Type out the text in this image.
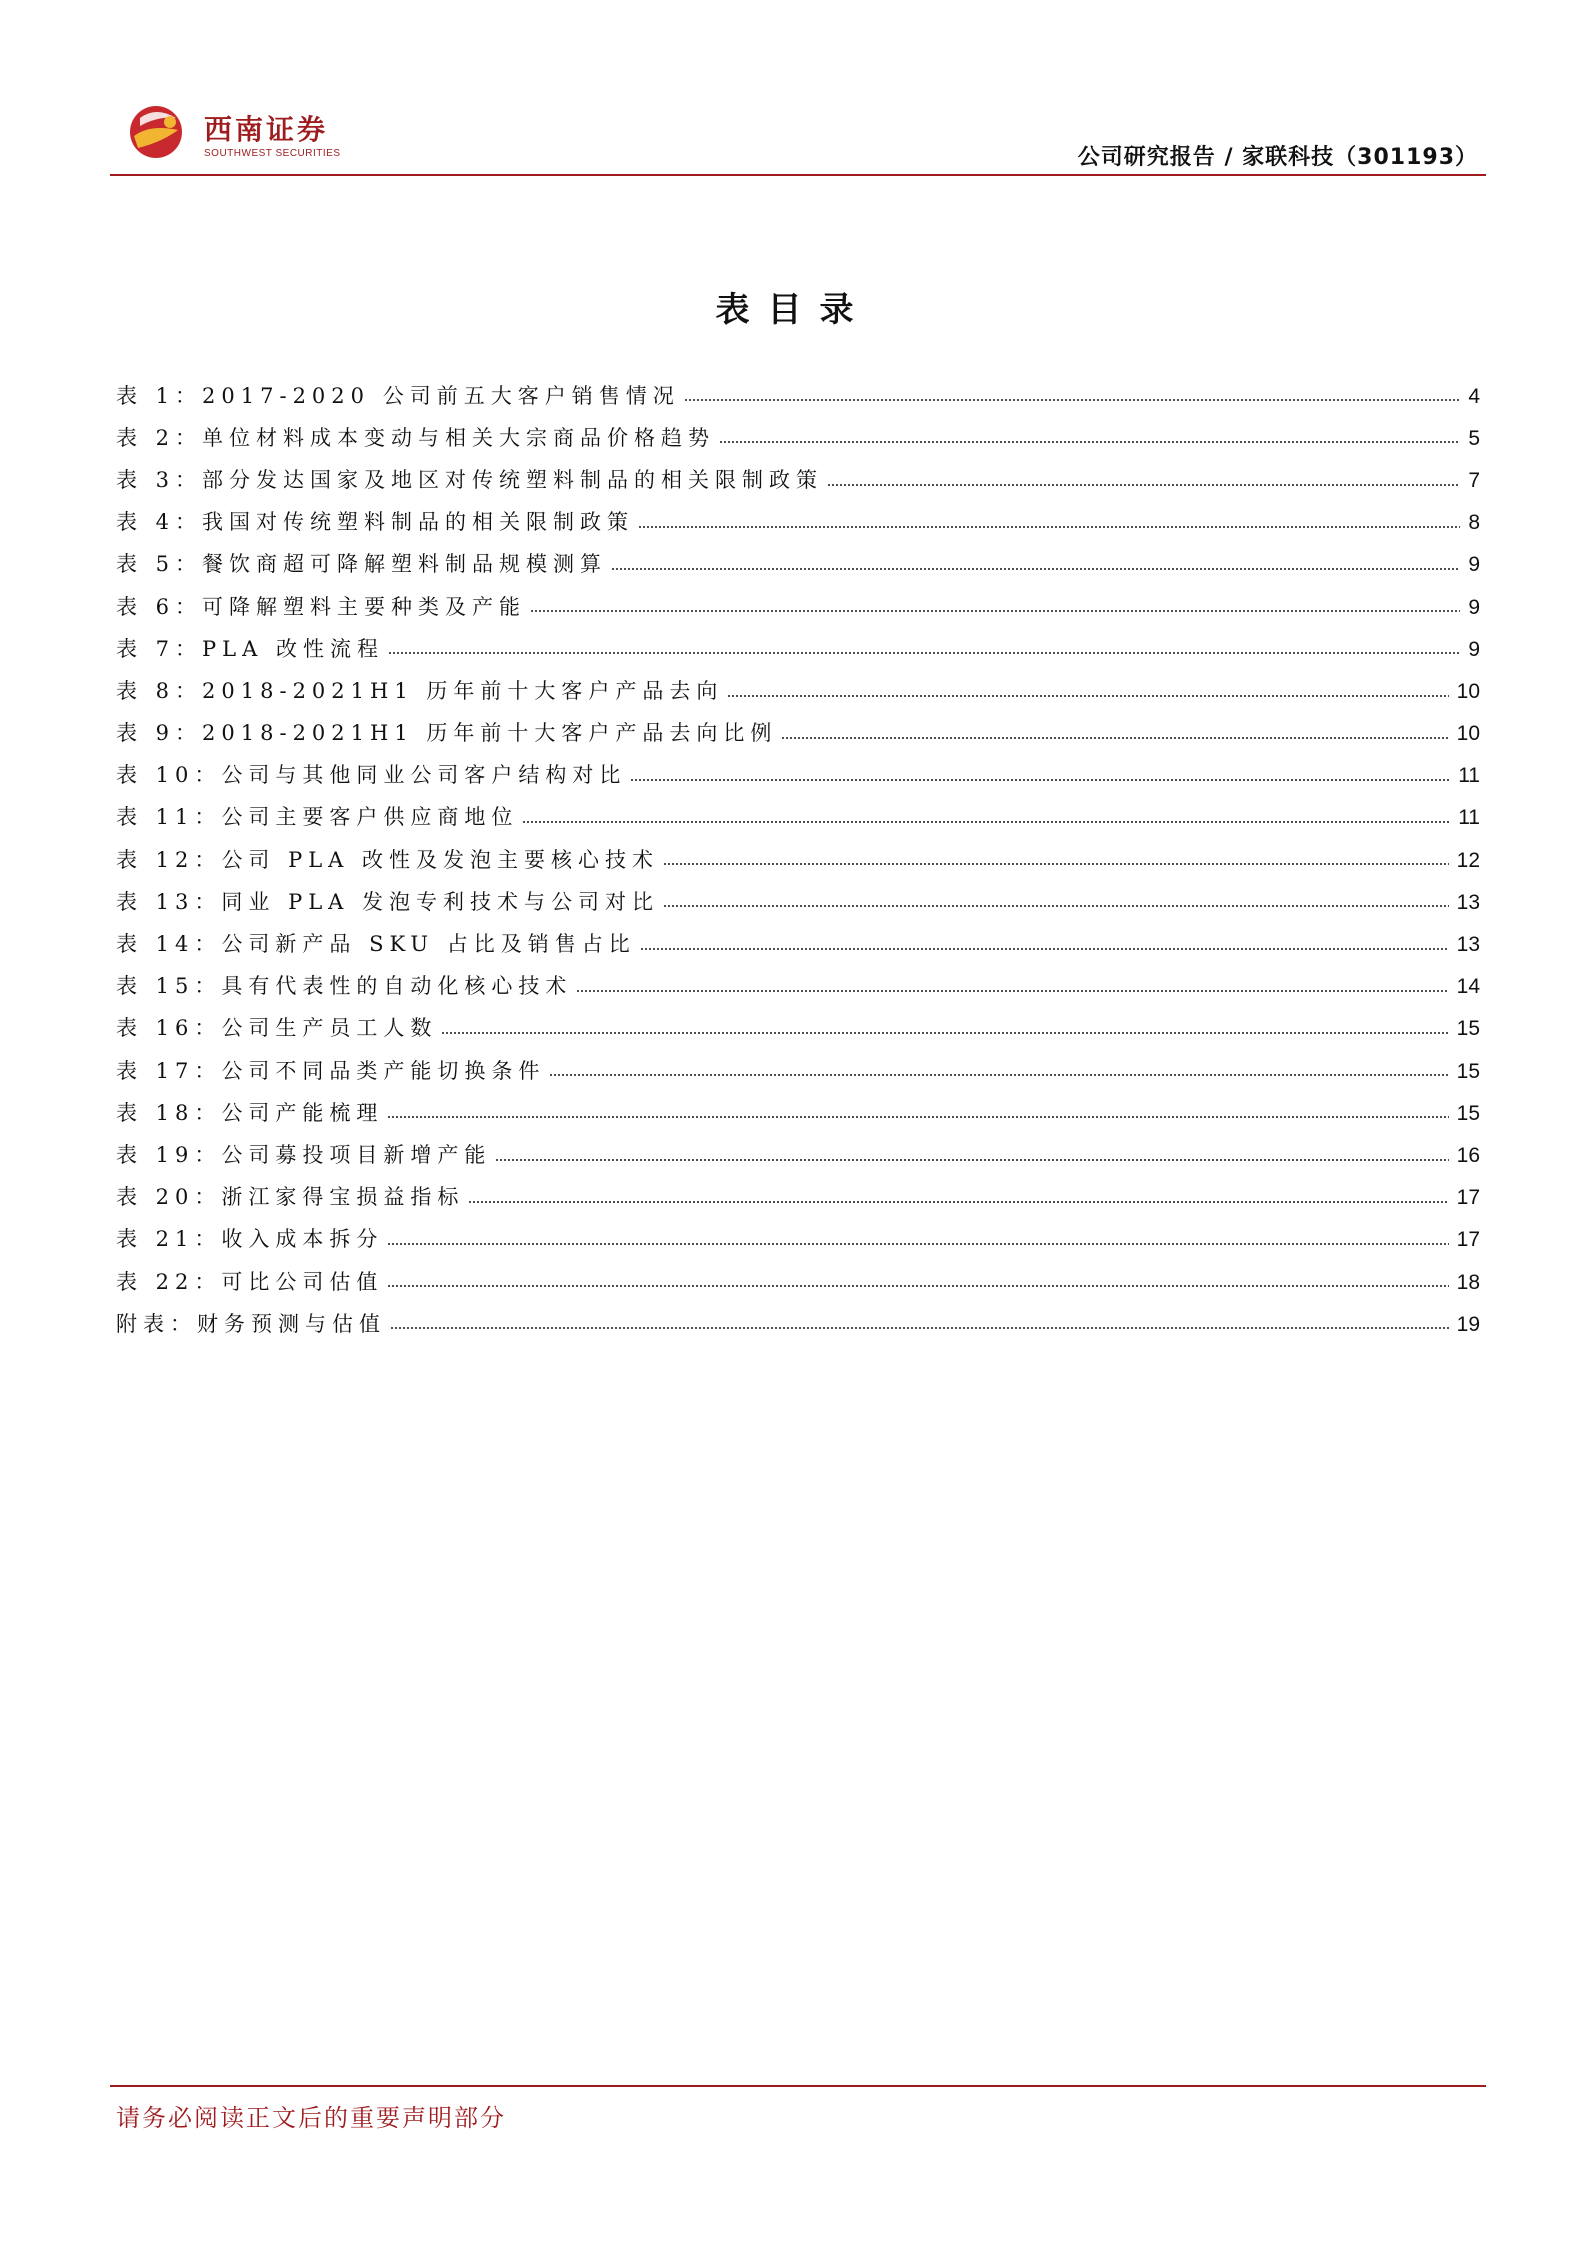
西南证券
SOUTHWEST SECURITIES	公司研究报告 / 家联科技（301193）
表目录
表 1：2017-2020 公司前五大客户销售情况	4
表 2：单位材料成本变动与相关大宗商品价格趋势	5
表 3：部分发达国家及地区对传统塑料制品的相关限制政策	7
表 4：我国对传统塑料制品的相关限制政策	8
表 5：餐饮商超可降解塑料制品规模测算	9
表 6：可降解塑料主要种类及产能	9
表 7：PLA 改性流程	9
表 8：2018-2021H1 历年前十大客户产品去向	10
表 9：2018-2021H1 历年前十大客户产品去向比例	10
表 10：公司与其他同业公司客户结构对比	11
表 11：公司主要客户供应商地位	11
表 12：公司 PLA 改性及发泡主要核心技术	12
表 13：同业 PLA 发泡专利技术与公司对比	13
表 14：公司新产品 SKU 占比及销售占比	13
表 15：具有代表性的自动化核心技术	14
表 16：公司生产员工人数	15
表 17：公司不同品类产能切换条件	15
表 18：公司产能梳理	15
表 19：公司募投项目新增产能	16
表 20：浙江家得宝损益指标	17
表 21：收入成本拆分	17
表 22：可比公司估值	18
附表：财务预测与估值	19
请务必阅读正文后的重要声明部分
